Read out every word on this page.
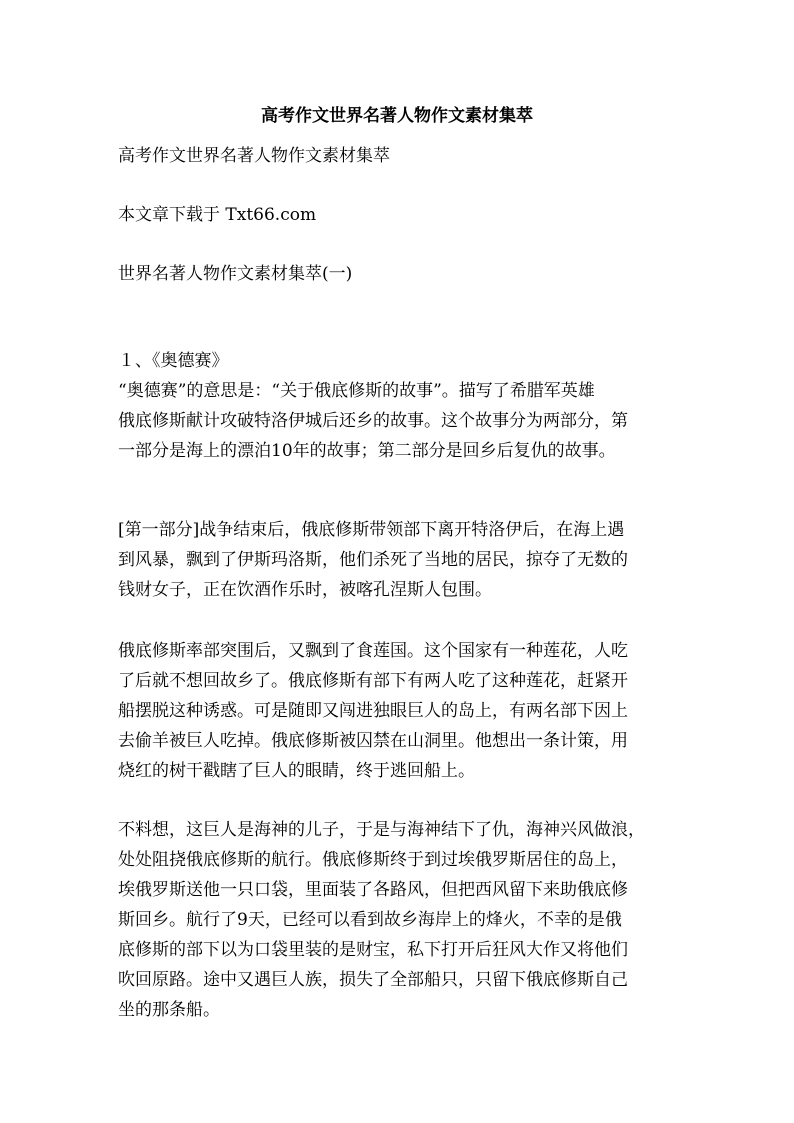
高考作文世界名著人物作文素材集萃
高考作文世界名著人物作文素材集萃
本文章下载于 Txt66.com
世界名著人物作文素材集萃(一)
１、《奥德赛》
“奥德赛”的意思是：“关于俄底修斯的故事”。描写了希腊军英雄
俄底修斯献计攻破特洛伊城后还乡的故事。这个故事分为两部分，第
一部分是海上的漂泊10年的故事；第二部分是回乡后复仇的故事。
[第一部分]战争结束后，俄底修斯带领部下离开特洛伊后，在海上遇
到风暴，飘到了伊斯玛洛斯，他们杀死了当地的居民，掠夺了无数的
钱财女子，正在饮酒作乐时，被喀孔涅斯人包围。
俄底修斯率部突围后，又飘到了食莲国。这个国家有一种莲花，人吃
了后就不想回故乡了。俄底修斯有部下有两人吃了这种莲花，赶紧开
船摆脱这种诱惑。可是随即又闯进独眼巨人的岛上，有两名部下因上
去偷羊被巨人吃掉。俄底修斯被囚禁在山洞里。他想出一条计策，用
烧红的树干戳瞎了巨人的眼睛，终于逃回船上。
不料想，这巨人是海神的儿子，于是与海神结下了仇，海神兴风做浪，
处处阻挠俄底修斯的航行。俄底修斯终于到过埃俄罗斯居住的岛上，
埃俄罗斯送他一只口袋，里面装了各路风，但把西风留下来助俄底修
斯回乡。航行了9天，已经可以看到故乡海岸上的烽火，不幸的是俄
底修斯的部下以为口袋里装的是财宝，私下打开后狂风大作又将他们
吹回原路。途中又遇巨人族，损失了全部船只，只留下俄底修斯自己
坐的那条船。
